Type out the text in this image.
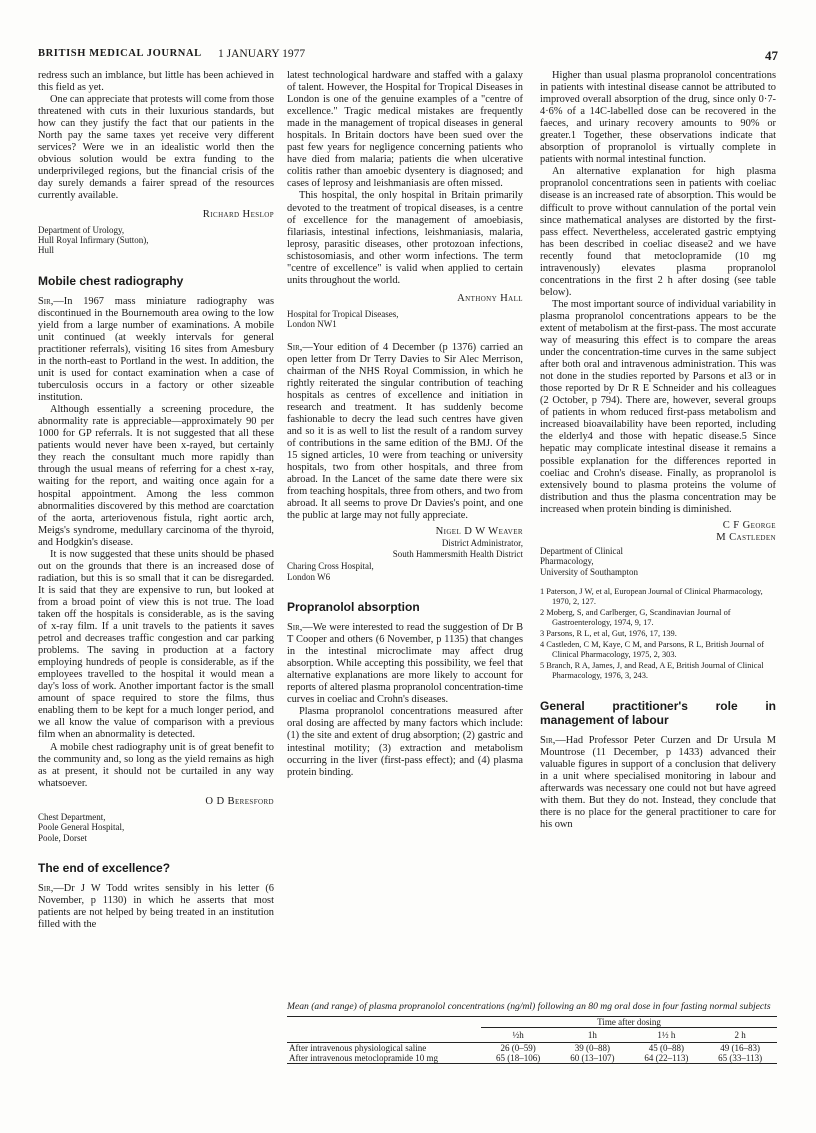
BRITISH MEDICAL JOURNAL 1 JANUARY 1977	47

redress such an imblance, but little has been achieved in this field as yet.

One can appreciate that protests will come from those threatened with cuts in their luxurious standards, but how can they justify the fact that our patients in the North pay the same taxes yet receive very different services? Were we in an idealistic world then the obvious solution would be extra funding to the underprivileged regions, but the financial crisis of the day surely demands a fairer spread of the resources currently available.

Richard Heslop
Department of Urology,
Hull Royal Infirmary (Sutton),
Hull
Mobile chest radiography

Sir,—In 1967 mass miniature radiography was discontinued in the Bournemouth area owing to the low yield from a large number of examinations. A mobile unit continued (at weekly intervals for general practitioner referrals), visiting 16 sites from Amesbury in the north-east to Portland in the west. In addition, the unit is used for contact examination when a case of tuberculosis occurs in a factory or other sizeable institution.

Although essentially a screening procedure, the abnormality rate is appreciable—approximately 90 per 1000 for GP referrals. It is not suggested that all these patients would never have been x-rayed, but certainly they reach the consultant much more rapidly than through the usual means of referring for a chest x-ray, waiting for the report, and waiting once again for a hospital appointment. Among the less common abnormalities discovered by this method are coarctation of the aorta, arteriovenous fistula, right aortic arch, Meigs's syndrome, medullary carcinoma of the thyroid, and Hodgkin's disease.

It is now suggested that these units should be phased out on the grounds that there is an increased dose of radiation, but this is so small that it can be disregarded. It is said that they are expensive to run, but looked at from a broad point of view this is not true. The load taken off the hospitals is considerable, as is the saving of x-ray film. If a unit travels to the patients it saves petrol and decreases traffic congestion and car parking problems. The saving in production at a factory employing hundreds of people is considerable, as if the employees travelled to the hospital it would mean a day's loss of work. Another important factor is the small amount of space required to store the films, thus enabling them to be kept for a much longer period, and we all know the value of comparison with a previous film when an abnormality is detected.

A mobile chest radiography unit is of great benefit to the community and, so long as the yield remains as high as at present, it should not be curtailed in any way whatsoever.

O D Beresford
Chest Department,
Poole General Hospital,
Poole, Dorset
The end of excellence?

Sir,—Dr J W Todd writes sensibly in his letter (6 November, p 1130) in which he asserts that most patients are not helped by being treated in an institution filled with the

latest technological hardware and staffed with a galaxy of talent. However, the Hospital for Tropical Diseases in London is one of the genuine examples of a "centre of excellence." Tragic medical mistakes are frequently made in the management of tropical diseases in general hospitals. In Britain doctors have been sued over the past few years for negligence concerning patients who have died from malaria; patients die when ulcerative colitis rather than amoebic dysentery is diagnosed; and cases of leprosy and leishmaniasis are often missed.

This hospital, the only hospital in Britain primarily devoted to the treatment of tropical diseases, is a centre of excellence for the management of amoebiasis, filariasis, intestinal infections, leishmaniasis, malaria, leprosy, parasitic diseases, other protozoan infections, schistosomiasis, and other worm infections. The term "centre of excellence" is valid when applied to certain units throughout the world.

Anthony Hall
Hospital for Tropical Diseases,
London NW1

Sir,—Your edition of 4 December (p 1376) carried an open letter from Dr Terry Davies to Sir Alec Merrison, chairman of the NHS Royal Commission, in which he rightly reiterated the singular contribution of teaching hospitals as centres of excellence and initiation in research and treatment. It has suddenly become fashionable to decry the lead such centres have given and so it is as well to list the result of a random survey of contributions in the same edition of the BMJ. Of the 15 signed articles, 10 were from teaching or university hospitals, two from other hospitals, and three from abroad. In the Lancet of the same date there were six from teaching hospitals, three from others, and two from abroad. It all seems to prove Dr Davies's point, and one the public at large may not fully appreciate.

Nigel D W Weaver
District Administrator,
South Hammersmith Health District
Charing Cross Hospital,
London W6
Propranolol absorption

Sir,—We were interested to read the suggestion of Dr B T Cooper and others (6 November, p 1135) that changes in the intestinal microclimate may affect drug absorption. While accepting this possibility, we feel that alternative explanations are more likely to account for reports of altered plasma propranolol concentration-time curves in coeliac and Crohn's diseases.

Plasma propranolol concentrations measured after oral dosing are affected by many factors which include: (1) the site and extent of drug absorption; (2) gastric and intestinal motility; (3) extraction and metabolism occurring in the liver (first-pass effect); and (4) plasma protein binding.

Higher than usual plasma propranolol concentrations in patients with intestinal disease cannot be attributed to improved overall absorption of the drug, since only 0·7-4·6% of a 14C-labelled dose can be recovered in the faeces, and urinary recovery amounts to 90% or greater.1 Together, these observations indicate that absorption of propranolol is virtually complete in patients with normal intestinal function.

An alternative explanation for high plasma propranolol concentrations seen in patients with coeliac disease is an increased rate of absorption. This would be difficult to prove without cannulation of the portal vein since mathematical analyses are distorted by the first-pass effect. Nevertheless, accelerated gastric emptying has been described in coeliac disease2 and we have recently found that metoclopramide (10 mg intravenously) elevates plasma propranolol concentrations in the first 2 h after dosing (see table below).

The most important source of individual variability in plasma propranolol concentrations appears to be the extent of metabolism at the first-pass. The most accurate way of measuring this effect is to compare the areas under the concentration-time curves in the same subject after both oral and intravenous administration. This was not done in the studies reported by Parsons et al3 or in those reported by Dr R E Schneider and his colleagues (2 October, p 794). There are, however, several groups of patients in whom reduced first-pass metabolism and increased bioavailability have been reported, including the elderly4 and those with hepatic disease.5 Since hepatic may complicate intestinal disease it remains a possible explanation for the differences reported in coeliac and Crohn's disease. Finally, as propranolol is extensively bound to plasma proteins the volume of distribution and thus the plasma concentration may be increased when protein binding is diminished.

C F George
M Castleden
Department of Clinical
Pharmacology,
University of Southampton
1 Paterson, J W, et al, European Journal of Clinical Pharmacology, 1970, 2, 127.
2 Moberg, S, and Carlberger, G, Scandinavian Journal of Gastroenterology, 1974, 9, 17.
3 Parsons, R L, et al, Gut, 1976, 17, 139.
4 Castleden, C M, Kaye, C M, and Parsons, R L, British Journal of Clinical Pharmacology, 1975, 2, 303.
5 Branch, R A, James, J, and Read, A E, British Journal of Clinical Pharmacology, 1976, 3, 243.
General practitioner's role in management of labour

Sir,—Had Professor Peter Curzen and Dr Ursula M Mountrose (11 December, p 1433) advanced their valuable figures in support of a conclusion that delivery in a unit where specialised monitoring in labour and afterwards was necessary one could not but have agreed with them. But they do not. Instead, they conclude that there is no place for the general practitioner to care for his own

Mean (and range) of plasma propranolol concentrations (ng/ml) following an 80 mg oral dose in four fasting normal subjects
	Time after dosing			
	½h	1h	1½ h	2 h
After intravenous physiological saline	26 (0–59)	39 (0–88)	45 (0–88)	49 (16–83)
After intravenous metoclopramide 10 mg	65 (18–106)	60 (13–107)	64 (22–113)	65 (33–113)
